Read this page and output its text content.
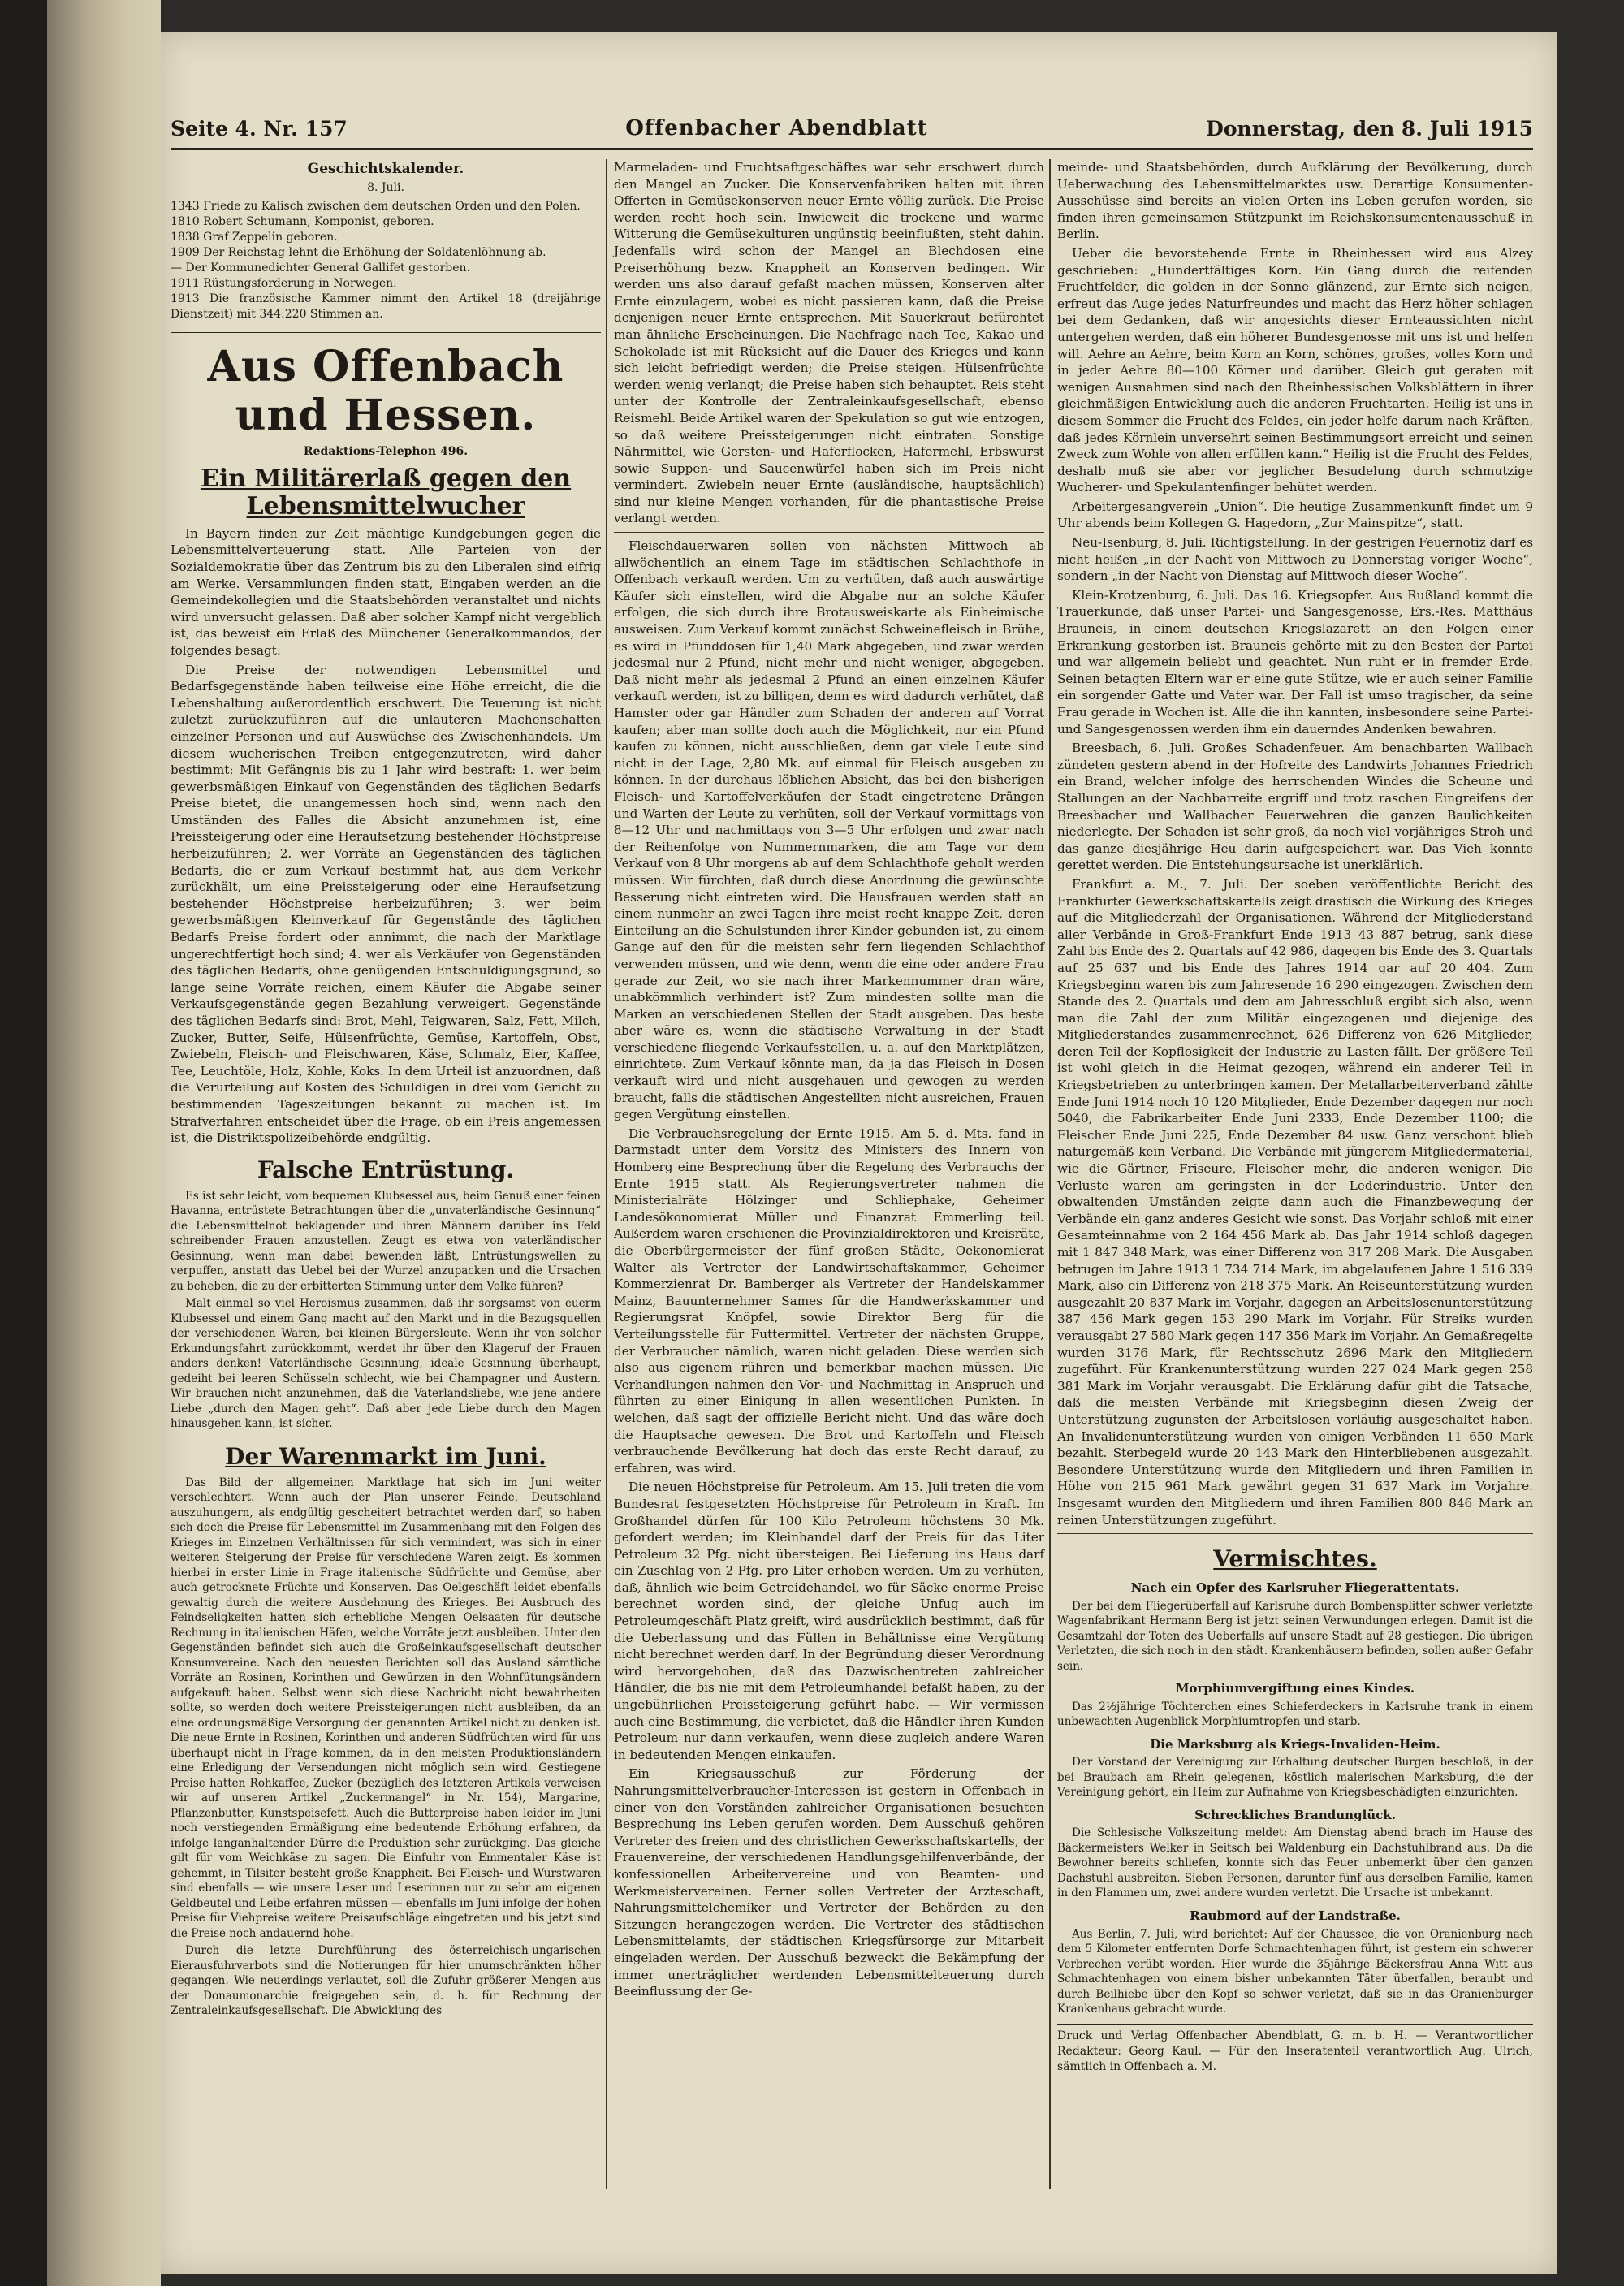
Seite 4. Nr. 157	Offenbacher Abendblatt	Donnerstag, den 8. Juli 1915
Geschichtskalender.
8. Juli.

1343 Friede zu Kalisch zwischen dem deutschen Orden und den Polen.

1810 Robert Schumann, Komponist, geboren.

1838 Graf Zeppelin geboren.

1909 Der Reichstag lehnt die Erhöhung der Soldatenlöhnung ab.

— Der Kommunedichter General Gallifet gestorben.

1911 Rüstungsforderung in Norwegen.

1913 Die französische Kammer nimmt den Artikel 18 (dreijährige Dienstzeit) mit 344:220 Stimmen an.

Aus Offenbach und Hessen.
Redaktions-Telephon 496.
Ein Militärerlaß gegen den Lebensmittelwucher

In Bayern finden zur Zeit mächtige Kundgebungen gegen die Lebensmittelverteuerung statt. Alle Parteien von der Sozialdemokratie über das Zentrum bis zu den Liberalen sind eifrig am Werke. Versammlungen finden statt, Eingaben werden an die Gemeindekollegien und die Staatsbehörden veranstaltet und nichts wird unversucht gelassen. Daß aber solcher Kampf nicht vergeblich ist, das beweist ein Erlaß des Münchener Generalkommandos, der folgendes besagt:

Die Preise der notwendigen Lebensmittel und Bedarfsgegenstände haben teilweise eine Höhe erreicht, die die Lebenshaltung außerordentlich erschwert. Die Teuerung ist nicht zuletzt zurückzuführen auf die unlauteren Machenschaften einzelner Personen und auf Auswüchse des Zwischenhandels. Um diesem wucherischen Treiben entgegenzutreten, wird daher bestimmt: Mit Gefängnis bis zu 1 Jahr wird bestraft: 1. wer beim gewerbsmäßigen Einkauf von Gegenständen des täglichen Bedarfs Preise bietet, die unangemessen hoch sind, wenn nach den Umständen des Falles die Absicht anzunehmen ist, eine Preissteigerung oder eine Heraufsetzung bestehender Höchstpreise herbeizuführen; 2. wer Vorräte an Gegenständen des täglichen Bedarfs, die er zum Verkauf bestimmt hat, aus dem Verkehr zurückhält, um eine Preissteigerung oder eine Heraufsetzung bestehender Höchstpreise herbeizuführen; 3. wer beim gewerbsmäßigen Kleinverkauf für Gegenstände des täglichen Bedarfs Preise fordert oder annimmt, die nach der Marktlage ungerechtfertigt hoch sind; 4. wer als Verkäufer von Gegenständen des täglichen Bedarfs, ohne genügenden Entschuldigungsgrund, so lange seine Vorräte reichen, einem Käufer die Abgabe seiner Verkaufsgegenstände gegen Bezahlung verweigert. Gegenstände des täglichen Bedarfs sind: Brot, Mehl, Teigwaren, Salz, Fett, Milch, Zucker, Butter, Seife, Hülsenfrüchte, Gemüse, Kartoffeln, Obst, Zwiebeln, Fleisch- und Fleischwaren, Käse, Schmalz, Eier, Kaffee, Tee, Leuchtöle, Holz, Kohle, Koks. In dem Urteil ist anzuordnen, daß die Verurteilung auf Kosten des Schuldigen in drei vom Gericht zu bestimmenden Tageszeitungen bekannt zu machen ist. Im Strafverfahren entscheidet über die Frage, ob ein Preis angemessen ist, die Distriktspolizeibehörde endgültig.

Falsche Entrüstung.

Es ist sehr leicht, vom bequemen Klubsessel aus, beim Genuß einer feinen Havanna, entrüstete Betrachtungen über die „unvaterländische Gesinnung“ die Lebensmittelnot beklagender und ihren Männern darüber ins Feld schreibender Frauen anzustellen. Zeugt es etwa von vaterländischer Gesinnung, wenn man dabei bewenden läßt, Entrüstungswellen zu verpuffen, anstatt das Uebel bei der Wurzel anzupacken und die Ursachen zu beheben, die zu der erbitterten Stimmung unter dem Volke führen?

Malt einmal so viel Heroismus zusammen, daß ihr sorgsamst von euerm Klubsessel und einem Gang macht auf den Markt und in die Bezugsquellen der verschiedenen Waren, bei kleinen Bürgersleute. Wenn ihr von solcher Erkundungsfahrt zurückkommt, werdet ihr über den Klageruf der Frauen anders denken! Vaterländische Gesinnung, ideale Gesinnung überhaupt, gedeiht bei leeren Schüsseln schlecht, wie bei Champagner und Austern. Wir brauchen nicht anzunehmen, daß die Vaterlandsliebe, wie jene andere Liebe „durch den Magen geht“. Daß aber jede Liebe durch den Magen hinausgehen kann, ist sicher.

Der Warenmarkt im Juni.

Das Bild der allgemeinen Marktlage hat sich im Juni weiter verschlechtert. Wenn auch der Plan unserer Feinde, Deutschland auszuhungern, als endgültig gescheitert betrachtet werden darf, so haben sich doch die Preise für Lebensmittel im Zusammenhang mit den Folgen des Krieges im Einzelnen Verhältnissen für sich vermindert, was sich in einer weiteren Steigerung der Preise für verschiedene Waren zeigt. Es kommen hierbei in erster Linie in Frage italienische Südfrüchte und Gemüse, aber auch getrocknete Früchte und Konserven. Das Oelgeschäft leidet ebenfalls gewaltig durch die weitere Ausdehnung des Krieges. Bei Ausbruch des Feindseligkeiten hatten sich erhebliche Mengen Oelsaaten für deutsche Rechnung in italienischen Häfen, welche Vorräte jetzt ausbleiben. Unter den Gegenständen befindet sich auch die Großeinkaufsgesellschaft deutscher Konsumvereine. Nach den neuesten Berichten soll das Ausland sämtliche Vorräte an Rosinen, Korinthen und Gewürzen in den Wohnfütungsändern aufgekauft haben. Selbst wenn sich diese Nachricht nicht bewahrheiten sollte, so werden doch weitere Preissteigerungen nicht ausbleiben, da an eine ordnungsmäßige Versorgung der genannten Artikel nicht zu denken ist. Die neue Ernte in Rosinen, Korinthen und anderen Südfrüchten wird für uns überhaupt nicht in Frage kommen, da in den meisten Produktionsländern eine Erledigung der Versendungen nicht möglich sein wird. Gestiegene Preise hatten Rohkaffee, Zucker (bezüglich des letzteren Artikels verweisen wir auf unseren Artikel „Zuckermangel“ in Nr. 154), Margarine, Pflanzenbutter, Kunstspeisefett. Auch die Butterpreise haben leider im Juni noch verstiegenden Ermäßigung eine bedeutende Erhöhung erfahren, da infolge langanhaltender Dürre die Produktion sehr zurückging. Das gleiche gilt für vom Weichkäse zu sagen. Die Einfuhr von Emmentaler Käse ist gehemmt, in Tilsiter besteht große Knappheit. Bei Fleisch- und Wurstwaren sind ebenfalls — wie unsere Leser und Leserinnen nur zu sehr am eigenen Geldbeutel und Leibe erfahren müssen — ebenfalls im Juni infolge der hohen Preise für Viehpreise weitere Preisaufschläge eingetreten und bis jetzt sind die Preise noch andauernd hohe.

Durch die letzte Durchführung des österreichisch-ungarischen Eierausfuhrverbots sind die Notierungen für hier unumschränkten höher gegangen. Wie neuerdings verlautet, soll die Zufuhr größerer Mengen aus der Donaumonarchie freigegeben sein, d. h. für Rechnung der Zentraleinkaufsgesellschaft. Die Abwicklung des

Marmeladen- und Fruchtsaftgeschäftes war sehr erschwert durch den Mangel an Zucker. Die Konservenfabriken halten mit ihren Offerten in Gemüsekonserven neuer Ernte völlig zurück. Die Preise werden recht hoch sein. Inwieweit die trockene und warme Witterung die Gemüsekulturen ungünstig beeinflußten, steht dahin. Jedenfalls wird schon der Mangel an Blechdosen eine Preiserhöhung bezw. Knappheit an Konserven bedingen. Wir werden uns also darauf gefaßt machen müssen, Konserven alter Ernte einzulagern, wobei es nicht passieren kann, daß die Preise denjenigen neuer Ernte entsprechen. Mit Sauerkraut befürchtet man ähnliche Erscheinungen. Die Nachfrage nach Tee, Kakao und Schokolade ist mit Rücksicht auf die Dauer des Krieges und kann sich leicht befriedigt werden; die Preise steigen. Hülsenfrüchte werden wenig verlangt; die Preise haben sich behauptet. Reis steht unter der Kontrolle der Zentraleinkaufsgesellschaft, ebenso Reismehl. Beide Artikel waren der Spekulation so gut wie entzogen, so daß weitere Preissteigerungen nicht eintraten. Sonstige Nährmittel, wie Gersten- und Haferflocken, Hafermehl, Erbswurst sowie Suppen- und Saucenwürfel haben sich im Preis nicht vermindert. Zwiebeln neuer Ernte (ausländische, hauptsächlich) sind nur kleine Mengen vorhanden, für die phantastische Preise verlangt werden.

Fleischdauerwaren sollen von nächsten Mittwoch ab allwöchentlich an einem Tage im städtischen Schlachthofe in Offenbach verkauft werden. Um zu verhüten, daß auch auswärtige Käufer sich einstellen, wird die Abgabe nur an solche Käufer erfolgen, die sich durch ihre Brotausweiskarte als Einheimische ausweisen. Zum Verkauf kommt zunächst Schweinefleisch in Brühe, es wird in Pfunddosen für 1,40 Mark abgegeben, und zwar werden jedesmal nur 2 Pfund, nicht mehr und nicht weniger, abgegeben. Daß nicht mehr als jedesmal 2 Pfund an einen einzelnen Käufer verkauft werden, ist zu billigen, denn es wird dadurch verhütet, daß Hamster oder gar Händler zum Schaden der anderen auf Vorrat kaufen; aber man sollte doch auch die Möglichkeit, nur ein Pfund kaufen zu können, nicht ausschließen, denn gar viele Leute sind nicht in der Lage, 2,80 Mk. auf einmal für Fleisch ausgeben zu können. In der durchaus löblichen Absicht, das bei den bisherigen Fleisch- und Kartoffelverkäufen der Stadt eingetretene Drängen und Warten der Leute zu verhüten, soll der Verkauf vormittags von 8—12 Uhr und nachmittags von 3—5 Uhr erfolgen und zwar nach der Reihenfolge von Nummernmarken, die am Tage vor dem Verkauf von 8 Uhr morgens ab auf dem Schlachthofe geholt werden müssen. Wir fürchten, daß durch diese Anordnung die gewünschte Besserung nicht eintreten wird. Die Hausfrauen werden statt an einem nunmehr an zwei Tagen ihre meist recht knappe Zeit, deren Einteilung an die Schulstunden ihrer Kinder gebunden ist, zu einem Gange auf den für die meisten sehr fern liegenden Schlachthof verwenden müssen, und wie denn, wenn die eine oder andere Frau gerade zur Zeit, wo sie nach ihrer Markennummer dran wäre, unabkömmlich verhindert ist? Zum mindesten sollte man die Marken an verschiedenen Stellen der Stadt ausgeben. Das beste aber wäre es, wenn die städtische Verwaltung in der Stadt verschiedene fliegende Verkaufsstellen, u. a. auf den Marktplätzen, einrichtete. Zum Verkauf könnte man, da ja das Fleisch in Dosen verkauft wird und nicht ausgehauen und gewogen zu werden braucht, falls die städtischen Angestellten nicht ausreichen, Frauen gegen Vergütung einstellen.

Die Verbrauchsregelung der Ernte 1915. Am 5. d. Mts. fand in Darmstadt unter dem Vorsitz des Ministers des Innern von Homberg eine Besprechung über die Regelung des Verbrauchs der Ernte 1915 statt. Als Regierungsvertreter nahmen die Ministerialräte Hölzinger und Schliephake, Geheimer Landesökonomierat Müller und Finanzrat Emmerling teil. Außerdem waren erschienen die Provinzialdirektoren und Kreisräte, die Oberbürgermeister der fünf großen Städte, Oekonomierat Walter als Vertreter der Landwirtschaftskammer, Geheimer Kommerzienrat Dr. Bamberger als Vertreter der Handelskammer Mainz, Bauunternehmer Sames für die Handwerkskammer und Regierungsrat Knöpfel, sowie Direktor Berg für die Verteilungsstelle für Futtermittel. Vertreter der nächsten Gruppe, der Verbraucher nämlich, waren nicht geladen. Diese werden sich also aus eigenem rühren und bemerkbar machen müssen. Die Verhandlungen nahmen den Vor- und Nachmittag in Anspruch und führten zu einer Einigung in allen wesentlichen Punkten. In welchen, daß sagt der offizielle Bericht nicht. Und das wäre doch die Hauptsache gewesen. Die Brot und Kartoffeln und Fleisch verbrauchende Bevölkerung hat doch das erste Recht darauf, zu erfahren, was wird.

Die neuen Höchstpreise für Petroleum. Am 15. Juli treten die vom Bundesrat festgesetzten Höchstpreise für Petroleum in Kraft. Im Großhandel dürfen für 100 Kilo Petroleum höchstens 30 Mk. gefordert werden; im Kleinhandel darf der Preis für das Liter Petroleum 32 Pfg. nicht übersteigen. Bei Lieferung ins Haus darf ein Zuschlag von 2 Pfg. pro Liter erhoben werden. Um zu verhüten, daß, ähnlich wie beim Getreidehandel, wo für Säcke enorme Preise berechnet worden sind, der gleiche Unfug auch im Petroleumgeschäft Platz greift, wird ausdrücklich bestimmt, daß für die Ueberlassung und das Füllen in Behältnisse eine Vergütung nicht berechnet werden darf. In der Begründung dieser Verordnung wird hervorgehoben, daß das Dazwischentreten zahlreicher Händler, die bis nie mit dem Petroleumhandel befaßt haben, zu der ungebührlichen Preissteigerung geführt habe. — Wir vermissen auch eine Bestimmung, die verbietet, daß die Händler ihren Kunden Petroleum nur dann verkaufen, wenn diese zugleich andere Waren in bedeutenden Mengen einkaufen.

Ein Kriegsausschuß zur Förderung der Nahrungsmittelverbraucher-Interessen ist gestern in Offenbach in einer von den Vorständen zahlreicher Organisationen besuchten Besprechung ins Leben gerufen worden. Dem Ausschuß gehören Vertreter des freien und des christlichen Gewerkschaftskartells, der Frauenvereine, der verschiedenen Handlungsgehilfenverbände, der konfessionellen Arbeitervereine und von Beamten- und Werkmeistervereinen. Ferner sollen Vertreter der Arzteschaft, Nahrungsmittelchemiker und Vertreter der Behörden zu den Sitzungen herangezogen werden. Die Vertreter des städtischen Lebensmittelamts, der städtischen Kriegsfürsorge zur Mitarbeit eingeladen werden. Der Ausschuß bezweckt die Bekämpfung der immer unerträglicher werdenden Lebensmittelteuerung durch Beeinflussung der Ge-

meinde- und Staatsbehörden, durch Aufklärung der Bevölkerung, durch Ueberwachung des Lebensmittelmarktes usw. Derartige Konsumenten-Ausschüsse sind bereits an vielen Orten ins Leben gerufen worden, sie finden ihren gemeinsamen Stützpunkt im Reichskonsumentenausschuß in Berlin.

Ueber die bevorstehende Ernte in Rheinhessen wird aus Alzey geschrieben: „Hundertfältiges Korn. Ein Gang durch die reifenden Fruchtfelder, die golden in der Sonne glänzend, zur Ernte sich neigen, erfreut das Auge jedes Naturfreundes und macht das Herz höher schlagen bei dem Gedanken, daß wir angesichts dieser Ernteaussichten nicht untergehen werden, daß ein höherer Bundesgenosse mit uns ist und helfen will. Aehre an Aehre, beim Korn an Korn, schönes, großes, volles Korn und in jeder Aehre 80—100 Körner und darüber. Gleich gut geraten mit wenigen Ausnahmen sind nach den Rheinhessischen Volksblättern in ihrer gleichmäßigen Entwicklung auch die anderen Fruchtarten. Heilig ist uns in diesem Sommer die Frucht des Feldes, ein jeder helfe darum nach Kräften, daß jedes Körnlein unversehrt seinen Bestimmungsort erreicht und seinen Zweck zum Wohle von allen erfüllen kann.“ Heilig ist die Frucht des Feldes, deshalb muß sie aber vor jeglicher Besudelung durch schmutzige Wucherer- und Spekulantenfinger behütet werden.

Arbeitergesangverein „Union“. Die heutige Zusammenkunft findet um 9 Uhr abends beim Kollegen G. Hagedorn, „Zur Mainspitze“, statt.

Neu-Isenburg, 8. Juli. Richtigstellung. In der gestrigen Feuernotiz darf es nicht heißen „in der Nacht von Mittwoch zu Donnerstag voriger Woche“, sondern „in der Nacht von Dienstag auf Mittwoch dieser Woche“.

Klein-Krotzenburg, 6. Juli. Das 16. Kriegsopfer. Aus Rußland kommt die Trauerkunde, daß unser Partei- und Sangesgenosse, Ers.-Res. Matthäus Brauneis, in einem deutschen Kriegslazarett an den Folgen einer Erkrankung gestorben ist. Brauneis gehörte mit zu den Besten der Partei und war allgemein beliebt und geachtet. Nun ruht er in fremder Erde. Seinen betagten Eltern war er eine gute Stütze, wie er auch seiner Familie ein sorgender Gatte und Vater war. Der Fall ist umso tragischer, da seine Frau gerade in Wochen ist. Alle die ihn kannten, insbesondere seine Partei- und Sangesgenossen werden ihm ein dauerndes Andenken bewahren.

Breesbach, 6. Juli. Großes Schadenfeuer. Am benachbarten Wallbach zündeten gestern abend in der Hofreite des Landwirts Johannes Friedrich ein Brand, welcher infolge des herrschenden Windes die Scheune und Stallungen an der Nachbarreite ergriff und trotz raschen Eingreifens der Breesbacher und Wallbacher Feuerwehren die ganzen Baulichkeiten niederlegte. Der Schaden ist sehr groß, da noch viel vorjähriges Stroh und das ganze diesjährige Heu darin aufgespeichert war. Das Vieh konnte gerettet werden. Die Entstehungsursache ist unerklärlich.

Frankfurt a. M., 7. Juli. Der soeben veröffentlichte Bericht des Frankfurter Gewerkschaftskartells zeigt drastisch die Wirkung des Krieges auf die Mitgliederzahl der Organisationen. Während der Mitgliederstand aller Verbände in Groß-Frankfurt Ende 1913 43 887 betrug, sank diese Zahl bis Ende des 2. Quartals auf 42 986, dagegen bis Ende des 3. Quartals auf 25 637 und bis Ende des Jahres 1914 gar auf 20 404. Zum Kriegsbeginn waren bis zum Jahresende 16 290 eingezogen. Zwischen dem Stande des 2. Quartals und dem am Jahresschluß ergibt sich also, wenn man die Zahl der zum Militär eingezogenen und diejenige des Mitgliederstandes zusammenrechnet, 626 Differenz von 626 Mitglieder, deren Teil der Kopflosigkeit der Industrie zu Lasten fällt. Der größere Teil ist wohl gleich in die Heimat gezogen, während ein anderer Teil in Kriegsbetrieben zu unterbringen kamen. Der Metallarbeiterverband zählte Ende Juni 1914 noch 10 120 Mitglieder, Ende Dezember dagegen nur noch 5040, die Fabrikarbeiter Ende Juni 2333, Ende Dezember 1100; die Fleischer Ende Juni 225, Ende Dezember 84 usw. Ganz verschont blieb naturgemäß kein Verband. Die Verbände mit jüngerem Mitgliedermaterial, wie die Gärtner, Friseure, Fleischer mehr, die anderen weniger. Die Verluste waren am geringsten in der Lederindustrie. Unter den obwaltenden Umständen zeigte dann auch die Finanzbewegung der Verbände ein ganz anderes Gesicht wie sonst. Das Vorjahr schloß mit einer Gesamteinnahme von 2 164 456 Mark ab. Das Jahr 1914 schloß dagegen mit 1 847 348 Mark, was einer Differenz von 317 208 Mark. Die Ausgaben betrugen im Jahre 1913 1 734 714 Mark, im abgelaufenen Jahre 1 516 339 Mark, also ein Differenz von 218 375 Mark. An Reiseunterstützung wurden ausgezahlt 20 837 Mark im Vorjahr, dagegen an Arbeitslosenunterstützung 387 456 Mark gegen 153 290 Mark im Vorjahr. Für Streiks wurden verausgabt 27 580 Mark gegen 147 356 Mark im Vorjahr. An Gemaßregelte wurden 3176 Mark, für Rechtsschutz 2696 Mark den Mitgliedern zugeführt. Für Krankenunterstützung wurden 227 024 Mark gegen 258 381 Mark im Vorjahr verausgabt. Die Erklärung dafür gibt die Tatsache, daß die meisten Verbände mit Kriegsbeginn diesen Zweig der Unterstützung zugunsten der Arbeitslosen vorläufig ausgeschaltet haben. An Invalidenunterstützung wurden von einigen Verbänden 11 650 Mark bezahlt. Sterbegeld wurde 20 143 Mark den Hinterbliebenen ausgezahlt. Besondere Unterstützung wurde den Mitgliedern und ihren Familien in Höhe von 215 961 Mark gewährt gegen 31 637 Mark im Vorjahre. Insgesamt wurden den Mitgliedern und ihren Familien 800 846 Mark an reinen Unterstützungen zugeführt.

Vermischtes.
Nach ein Opfer des Karlsruher Fliegerattentats.

Der bei dem Fliegerüberfall auf Karlsruhe durch Bombensplitter schwer verletzte Wagenfabrikant Hermann Berg ist jetzt seinen Verwundungen erlegen. Damit ist die Gesamtzahl der Toten des Ueberfalls auf unsere Stadt auf 28 gestiegen. Die übrigen Verletzten, die sich noch in den städt. Krankenhäusern befinden, sollen außer Gefahr sein.

Morphiumvergiftung eines Kindes.

Das 2½jährige Töchterchen eines Schieferdeckers in Karlsruhe trank in einem unbewachten Augenblick Morphiumtropfen und starb.

Die Marksburg als Kriegs-Invaliden-Heim.

Der Vorstand der Vereinigung zur Erhaltung deutscher Burgen beschloß, in der bei Braubach am Rhein gelegenen, köstlich malerischen Marksburg, die der Vereinigung gehört, ein Heim zur Aufnahme von Kriegsbeschädigten einzurichten.

Schreckliches Brandunglück.

Die Schlesische Volkszeitung meldet: Am Dienstag abend brach im Hause des Bäckermeisters Welker in Seitsch bei Waldenburg ein Dachstuhlbrand aus. Da die Bewohner bereits schliefen, konnte sich das Feuer unbemerkt über den ganzen Dachstuhl ausbreiten. Sieben Personen, darunter fünf aus derselben Familie, kamen in den Flammen um, zwei andere wurden verletzt. Die Ursache ist unbekannt.

Raubmord auf der Landstraße.

Aus Berlin, 7. Juli, wird berichtet: Auf der Chaussee, die von Oranienburg nach dem 5 Kilometer entfernten Dorfe Schmachtenhagen führt, ist gestern ein schwerer Verbrechen verübt worden. Hier wurde die 35jährige Bäckersfrau Anna Witt aus Schmachtenhagen von einem bisher unbekannten Täter überfallen, beraubt und durch Beilhiebe über den Kopf so schwer verletzt, daß sie in das Oranienburger Krankenhaus gebracht wurde.

Druck und Verlag Offenbacher Abendblatt, G. m. b. H. — Verantwortlicher Redakteur: Georg Kaul. — Für den Inseratenteil verantwortlich Aug. Ulrich, sämtlich in Offenbach a. M.
